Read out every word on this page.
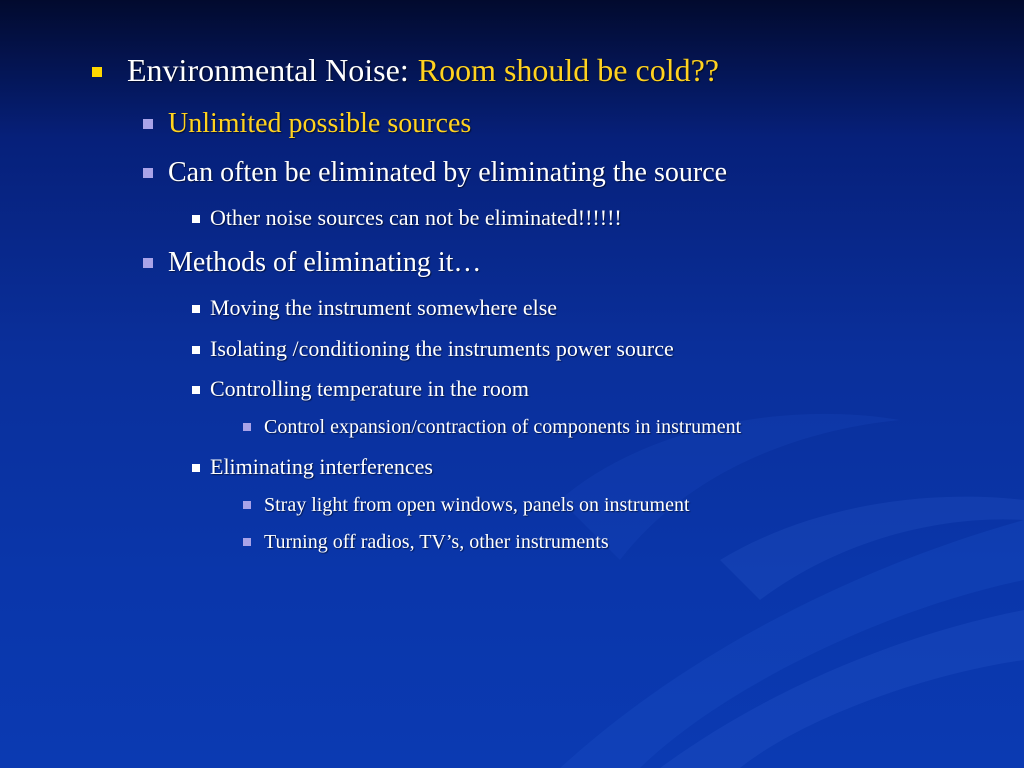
Environmental Noise: Room should be cold??
Unlimited possible sources
Can often be eliminated by eliminating the source
Other noise sources can not be eliminated!!!!!!
Methods of eliminating it…
Moving the instrument somewhere else
Isolating /conditioning the instruments power source
Controlling temperature in the room
Control expansion/contraction of components in instrument
Eliminating interferences
Stray light from open windows, panels on instrument
Turning off radios, TV’s, other instruments
